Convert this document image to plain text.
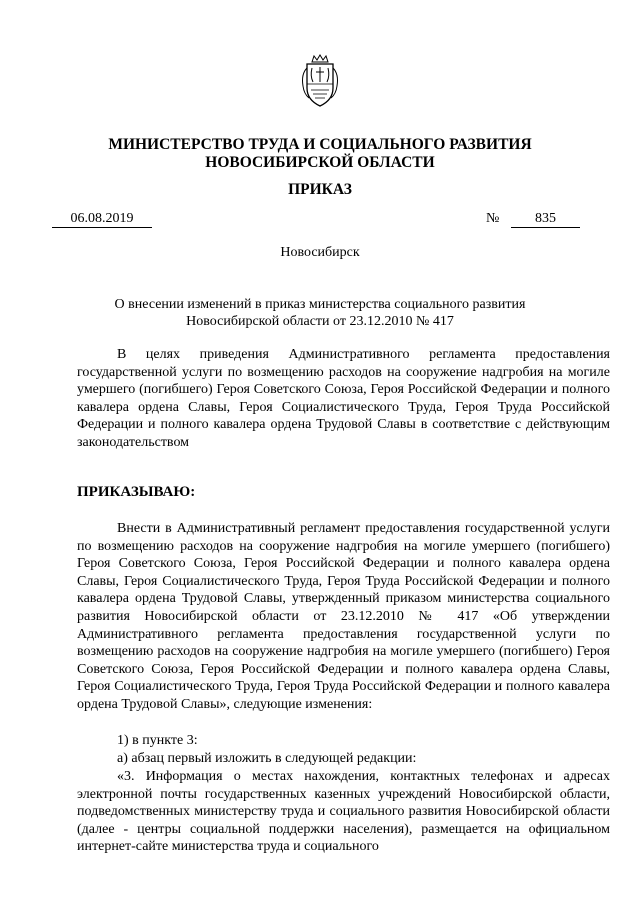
МИНИСТЕРСТВО ТРУДА И СОЦИАЛЬНОГО РАЗВИТИЯ
НОВОСИБИРСКОЙ ОБЛАСТИ
ПРИКАЗ
06.08.2019	№	835
Новосибирск
О внесении изменений в приказ министерства социального развития
Новосибирской области от 23.12.2010 № 417

В целях приведения Административного регламента предоставления государственной услуги по возмещению расходов на сооружение надгробия на могиле умершего (погибшего) Героя Советского Союза, Героя Российской Федерации и полного кавалера ордена Славы, Героя Социалистического Труда, Героя Труда Российской Федерации и полного кавалера ордена Трудовой Славы в соответствие с действующим законодательством

ПРИКАЗЫВАЮ:

Внести в Административный регламент предоставления государственной услуги по возмещению расходов на сооружение надгробия на могиле умершего (погибшего) Героя Советского Союза, Героя Российской Федерации и полного кавалера ордена Славы, Героя Социалистического Труда, Героя Труда Российской Федерации и полного кавалера ордена Трудовой Славы, утвержденный приказом министерства социального развития Новосибирской области от 23.12.2010 № 417 «Об утверждении Административного регламента предоставления государственной услуги по возмещению расходов на сооружение надгробия на могиле умершего (погибшего) Героя Советского Союза, Героя Российской Федерации и полного кавалера ордена Славы, Героя Социалистического Труда, Героя Труда Российской Федерации и полного кавалера ордена Трудовой Славы», следующие изменения:

1) в пункте 3:
а) абзац первый изложить в следующей редакции:

«3. Информация о местах нахождения, контактных телефонах и адресах электронной почты государственных казенных учреждений Новосибирской области, подведомственных министерству труда и социального развития Новосибирской области (далее - центры социальной поддержки населения), размещается на официальном интернет-сайте министерства труда и социального
